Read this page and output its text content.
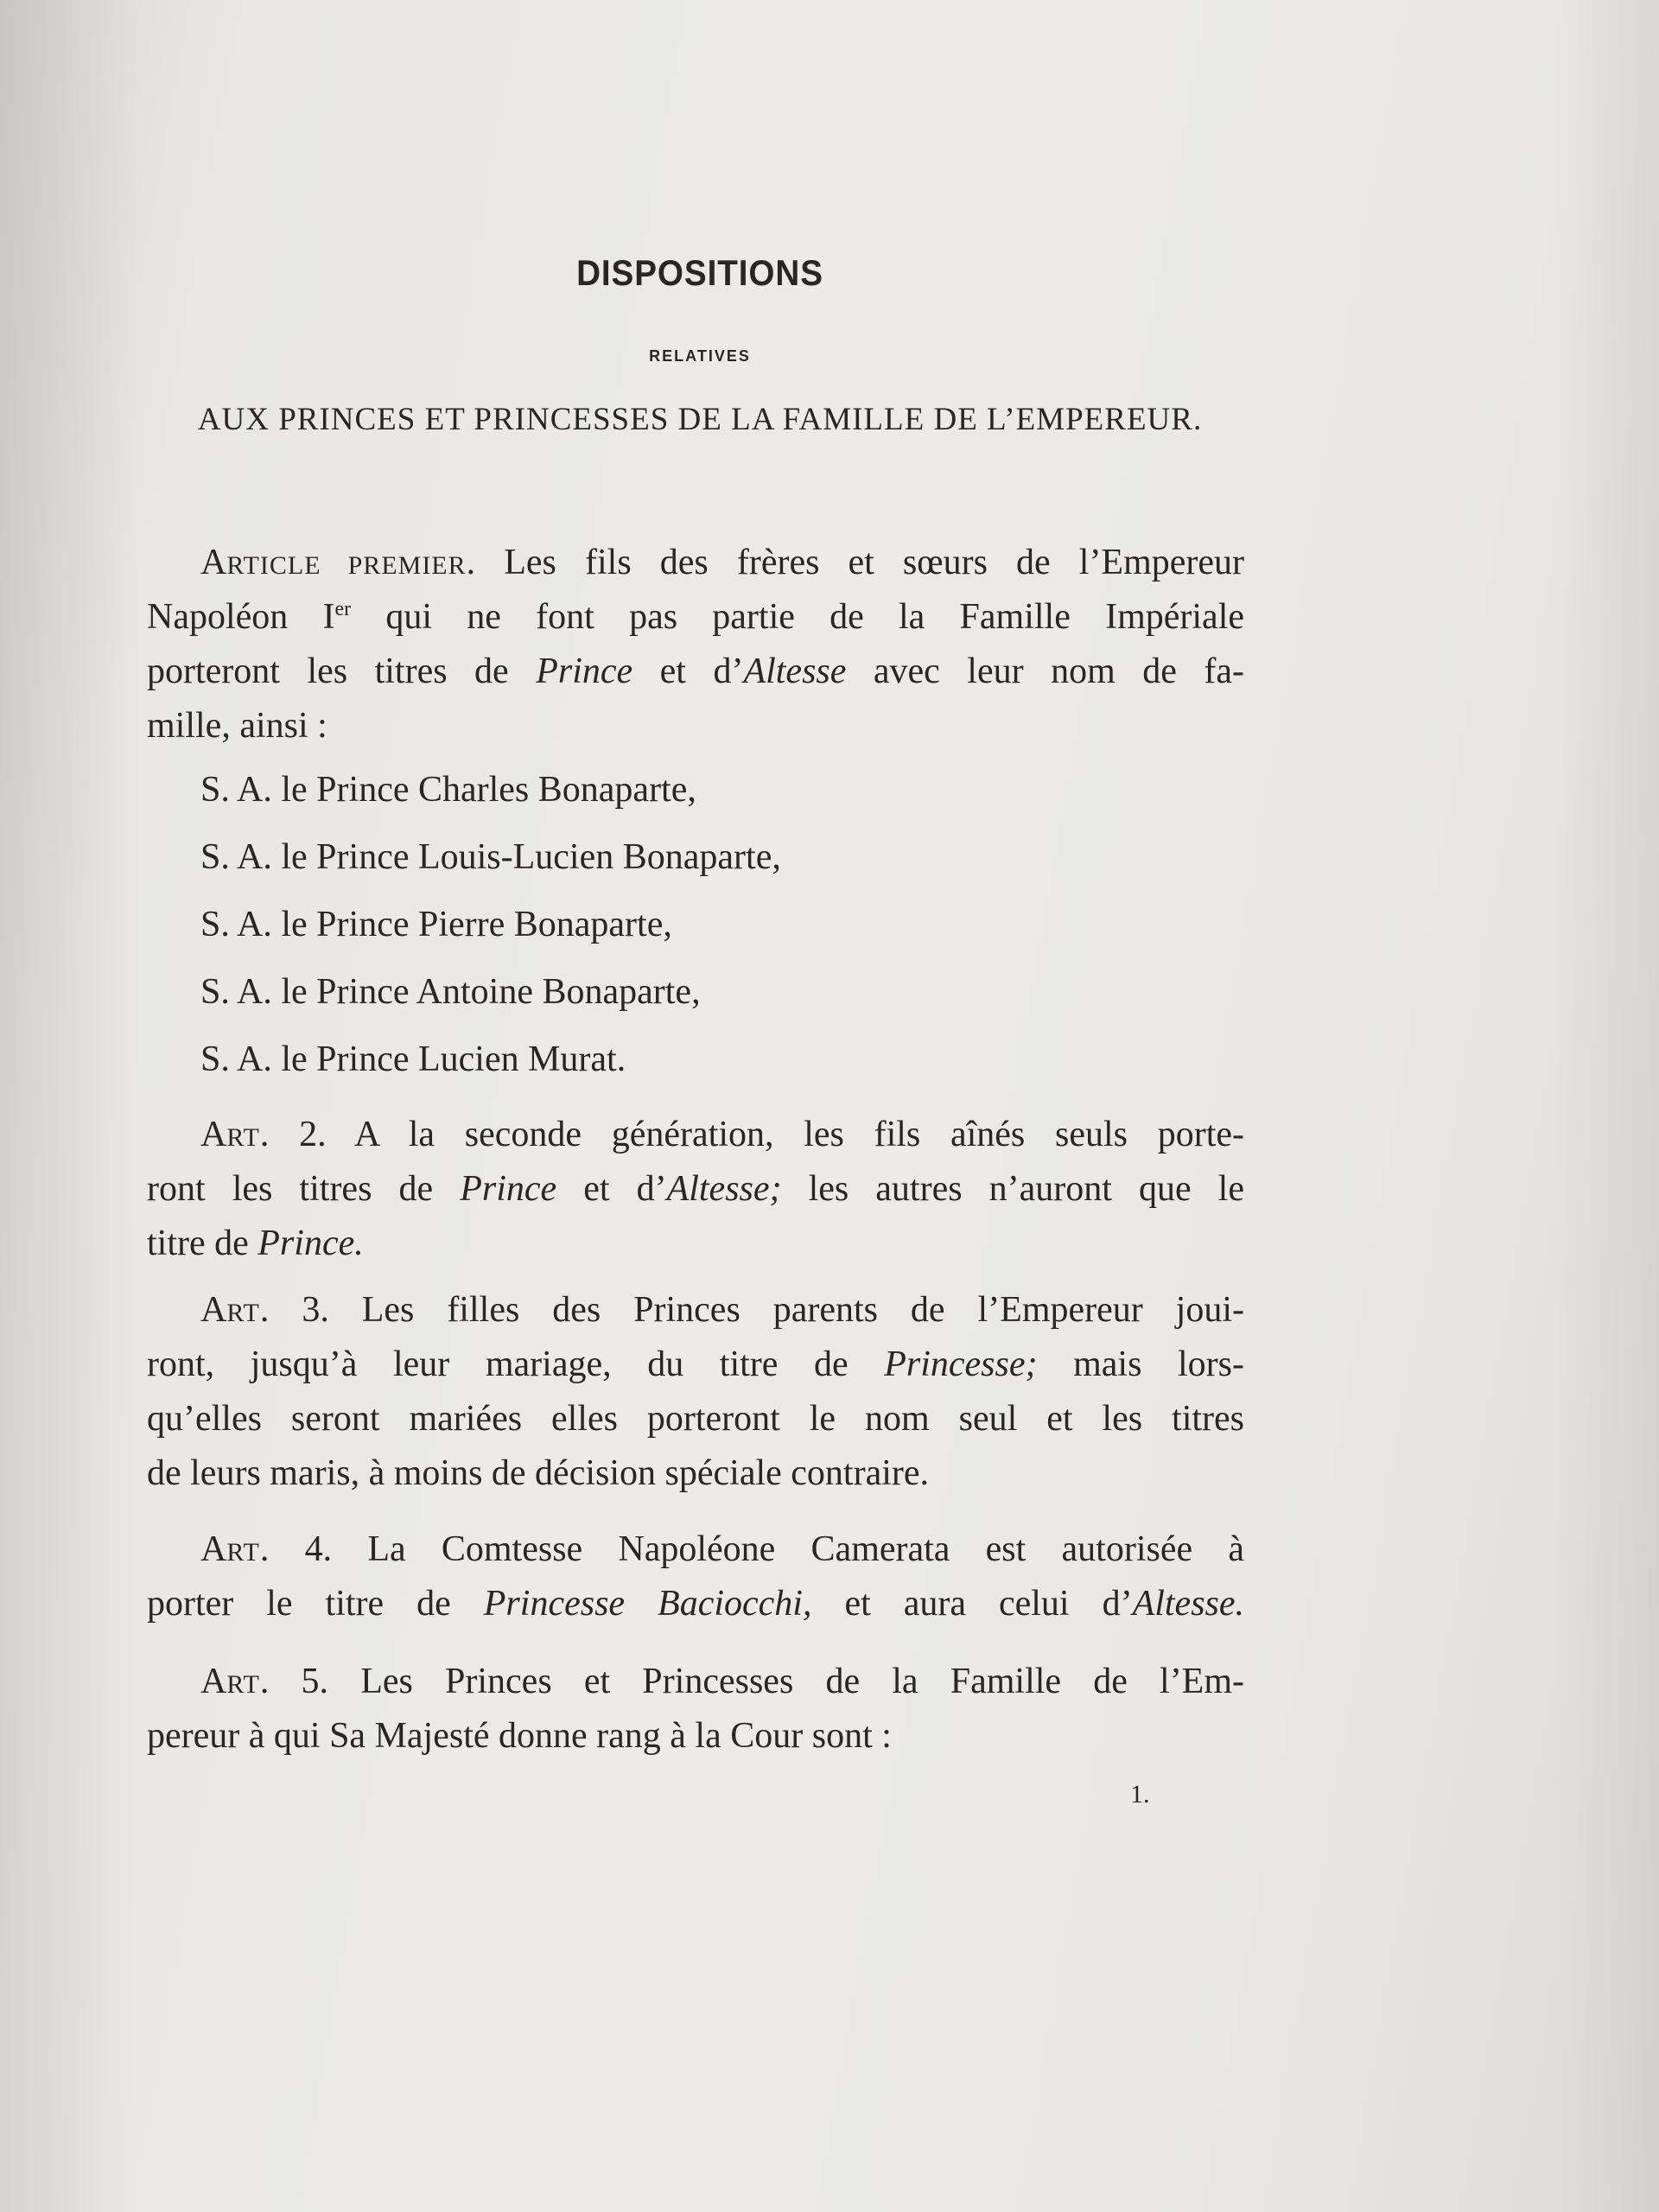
DISPOSITIONS
RELATIVES
AUX PRINCES ET PRINCESSES DE LA FAMILLE DE L’EMPEREUR.
ARTICLE PREMIER. Les fils des frères et sœurs de l’Empereur
Napoléon Ier qui ne font pas partie de la Famille Impériale
porteront les titres de Prince et d’Altesse avec leur nom de fa-
mille, ainsi :
S. A. le Prince Charles Bonaparte,
S. A. le Prince Louis-Lucien Bonaparte,
S. A. le Prince Pierre Bonaparte,
S. A. le Prince Antoine Bonaparte,
S. A. le Prince Lucien Murat.
ART. 2. A la seconde génération, les fils aînés seuls porte-
ront les titres de Prince et d’Altesse; les autres n’auront que le
titre de Prince.
ART. 3. Les filles des Princes parents de l’Empereur joui-
ront, jusqu’à leur mariage, du titre de Princesse; mais lors-
qu’elles seront mariées elles porteront le nom seul et les titres
de leurs maris, à moins de décision spéciale contraire.
ART. 4. La Comtesse Napoléone Camerata est autorisée à
porter le titre de Princesse Baciocchi, et aura celui d’Altesse.
ART. 5. Les Princes et Princesses de la Famille de l’Em-
pereur à qui Sa Majesté donne rang à la Cour sont :
1.
